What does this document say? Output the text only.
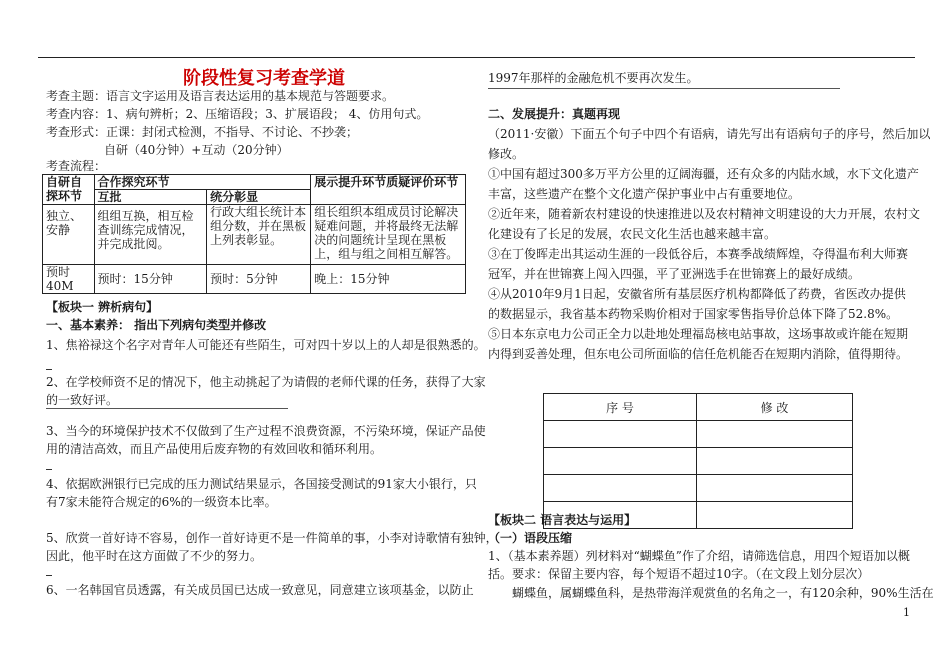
阶段性复习考查学道
考查主题：语言文字运用及语言表达运用的基本规范与答题要求。
考查内容：1、病句辨析；2、压缩语段；3、扩展语段； 4、仿用句式。
考查形式：正课：封闭式检测，不指导、不讨论、不抄袭；
自研（40分钟）+互动（20分钟）
考查流程：
自研自探环节	合作探究环节		展示提升环节质疑评价环节
	互批	统分彰显	
独立、安静	组组互换，相互检查训练完成情况，并完成批阅。	行政大组长统计本组分数，并在黑板上列表彰显。	组长组织本组成员讨论解决疑难问题，并将最终无法解决的问题统计呈现在黑板上，组与组之间相互解答。
预时40M	预时：15分钟	预时：5分钟	晚上：15分钟
【板块一 辨析病句】
一、基本素养： 指出下列病句类型并修改
1、焦裕禄这个名字对青年人可能还有些陌生，可对四十岁以上的人却是很熟悉的。
2、在学校师资不足的情况下，他主动挑起了为请假的老师代课的任务，获得了大家
的一致好评。
3、当今的环境保护技术不仅做到了生产过程不浪费资源，不污染环境，保证产品使
用的清洁高效，而且产品使用后废弃物的有效回收和循环利用。
4、依据欧洲银行已完成的压力测试结果显示，各国接受测试的91家大小银行，只
有7家未能符合规定的6%的一级资本比率。
5、欣赏一首好诗不容易，创作一首好诗更不是一件简单的事，小李对诗歌情有独钟，
因此，他平时在这方面做了不少的努力。
6、一名韩国官员透露，有关成员国已达成一致意见，同意建立该项基金，以防止
1997年那样的金融危机不要再次发生。
二、发展提升：真题再现
（2011·安徽）下面五个句子中四个有语病，请先写出有语病句子的序号，然后加以
修改。
①中国有超过300多万平方公里的辽阔海疆，还有众多的内陆水域，水下文化遗产
丰富，这些遗产在整个文化遗产保护事业中占有重要地位。
②近年来，随着新农村建设的快速推进以及农村精神文明建设的大力开展，农村文
化建设有了长足的发展，农民文化生活也越来越丰富。
③在丁俊晖走出其运动生涯的一段低谷后，本赛季战绩辉煌，夺得温布利大师赛
冠军，并在世锦赛上闯入四强，平了亚洲选手在世锦赛上的最好成绩。
④从2010年9月1日起，安徽省所有基层医疗机构都降低了药费，省医改办提供
的数据显示，我省基本药物采购价相对于国家零售指导价总体下降了52.8%。
⑤日本东京电力公司正全力以赴地处理福岛核电站事故，这场事故或许能在短期
内得到妥善处理，但东电公司所面临的信任危机能否在短期内消除，值得期待。
序 号	修 改

【板块二 语言表达与运用】
（一）语段压缩
1、（基本素养题）列材料对“蝴蝶鱼”作了介绍，请筛选信息，用四个短语加以概
括。要求：保留主要内容，每个短语不超过10字。（在文段上划分层次）
蝴蝶鱼，属蝴蝶鱼科，是热带海洋观赏鱼的名角之一，有120余种，90%生活在
1
